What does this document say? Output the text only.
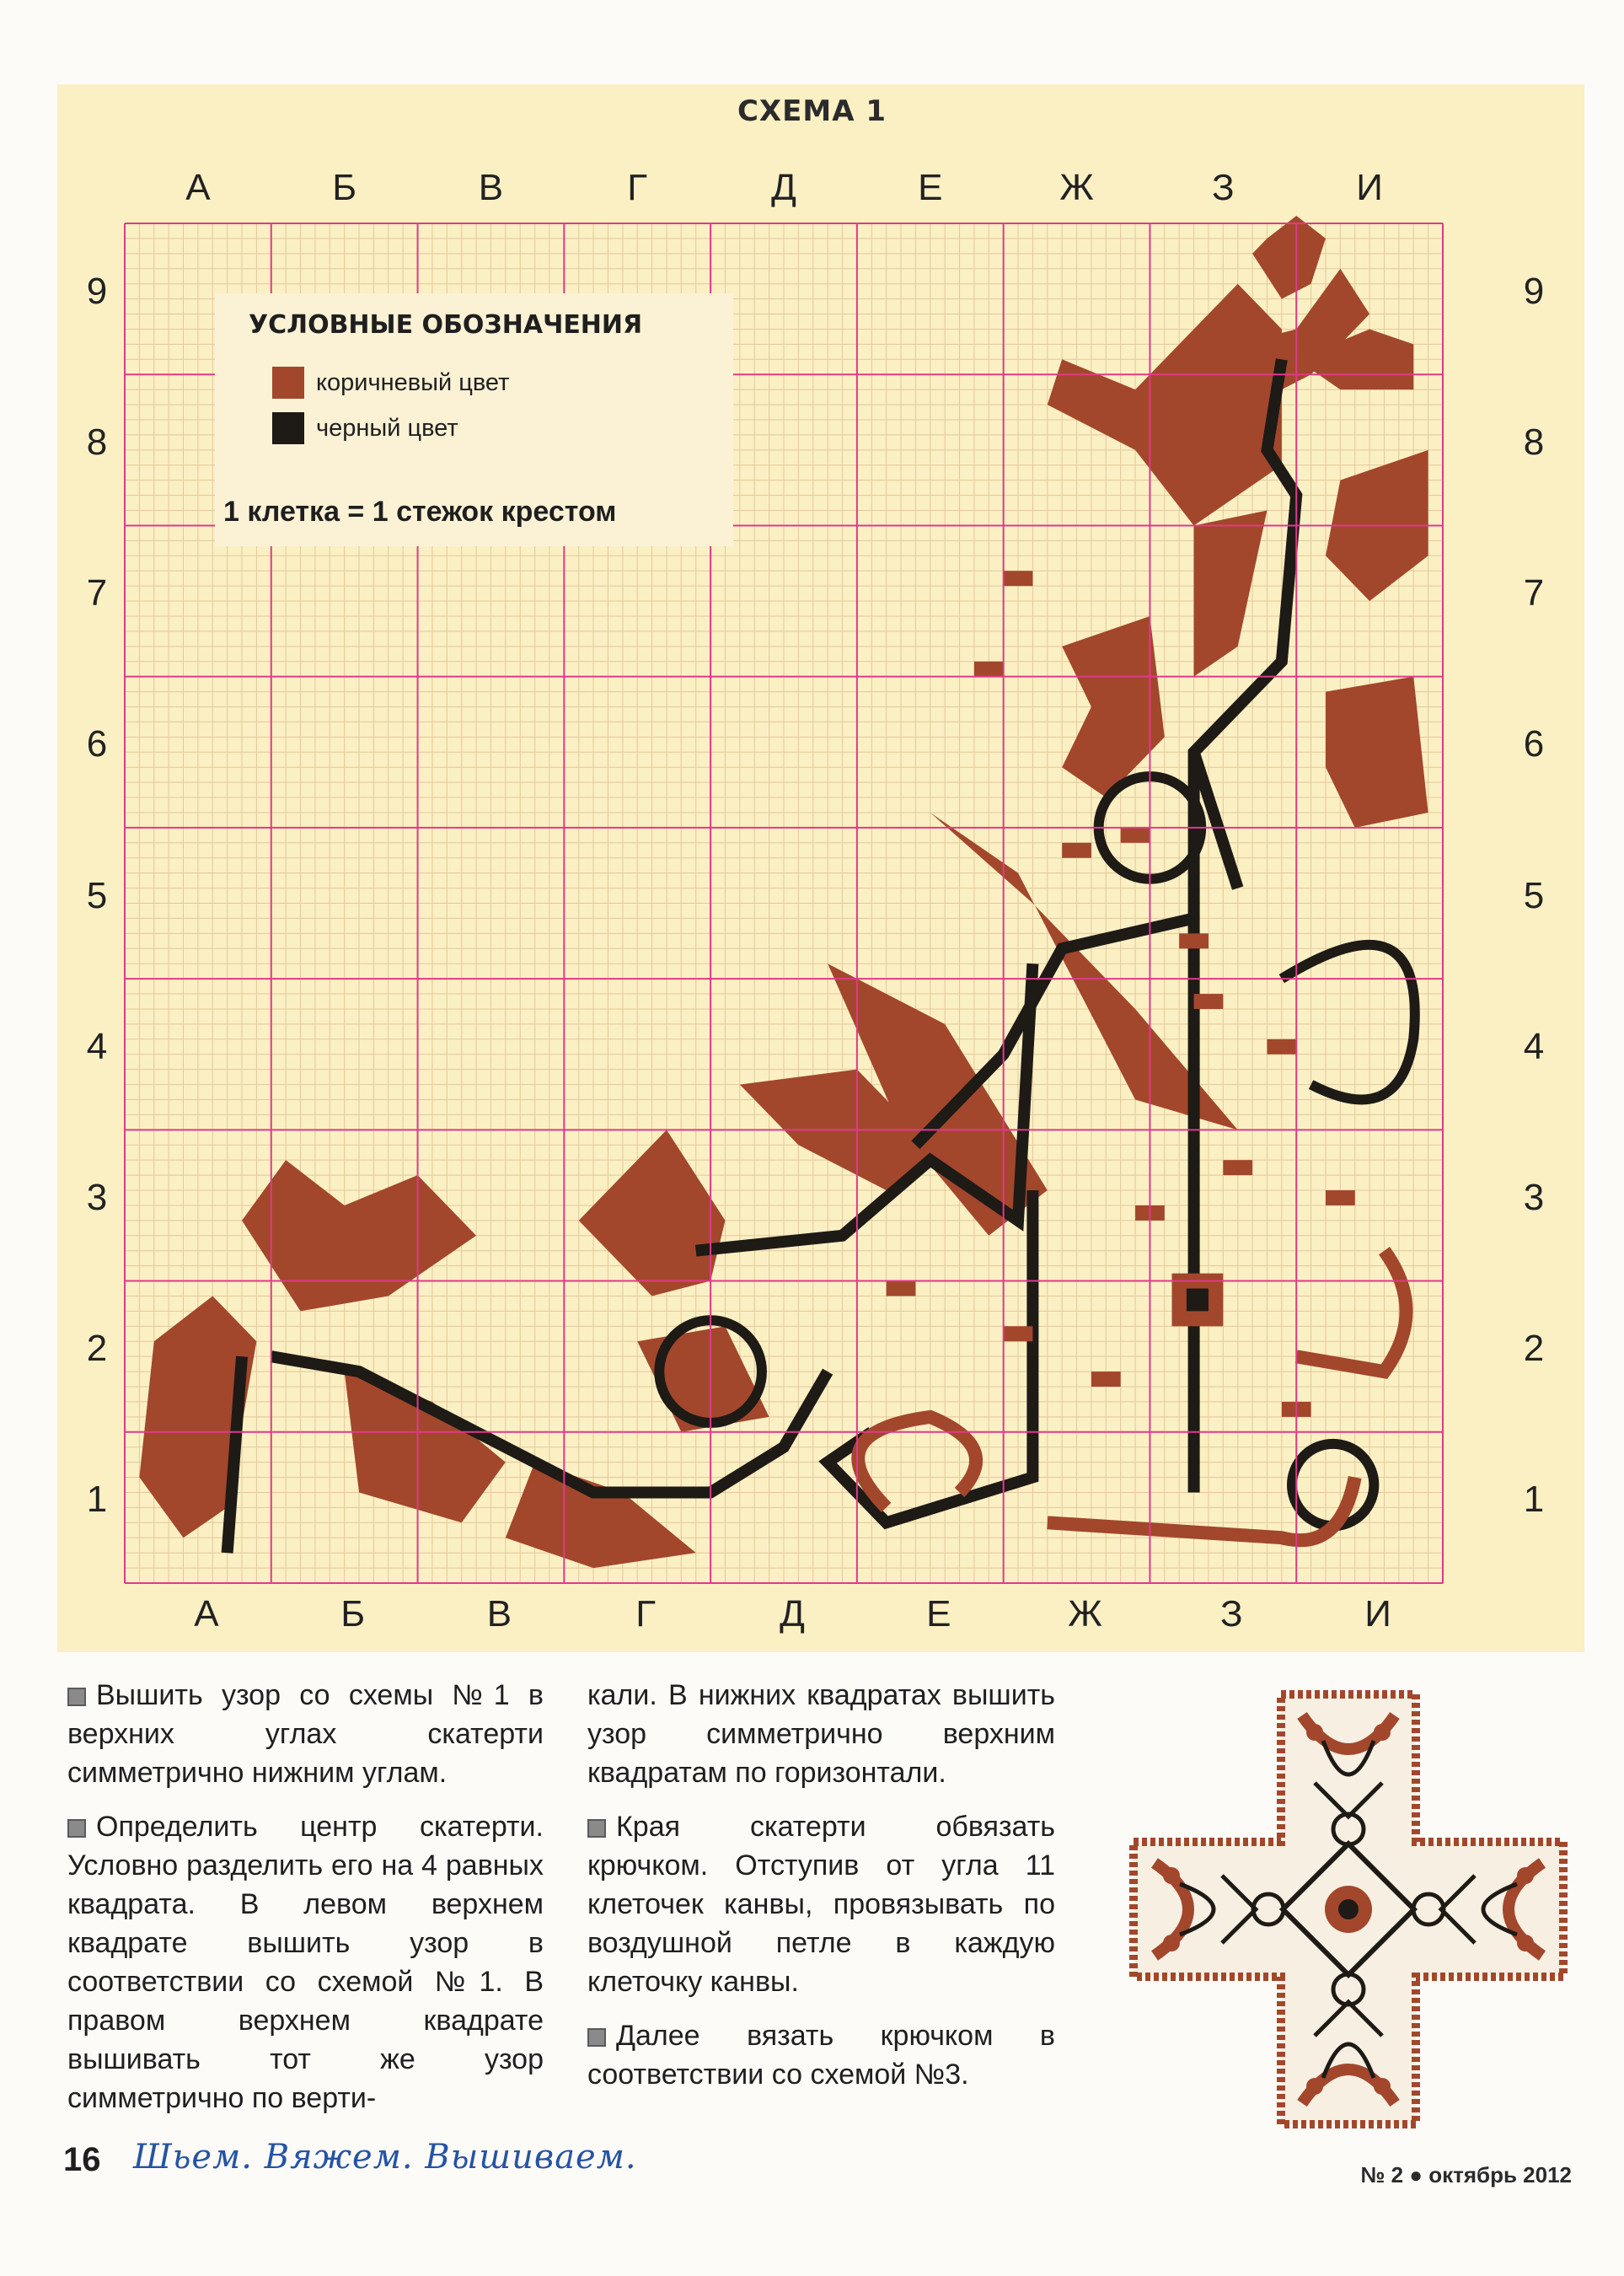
СХЕМА 1
А
А
Б
Б
В
В
Г
Г
Д
Д
Е
Е
Ж
Ж
З
З
И
И
9	9
8	8
7	7
6	6
5	5
4	4
3	3
2	2
1	1
УСЛОВНЫЕ ОБОЗНАЧЕНИЯ
коричневый цвет
черный цвет
1 клетка = 1 стежок крестом

Вышить узор со схемы №1 в верхних углах скатерти симметрично нижним углам.

Определить центр скатерти. Условно разделить его на 4 равных квадрата. В левом верхнем квадрате вышить узор в соответствии со схемой №1. В правом верхнем квадрате вышивать тот же узор симметрично по верти-

кали. В нижних квадратах вышить узор симметрично верхним квадратам по горизонтали.

Края скатерти обвязать крючком. Отступив от угла 11 клеточек канвы, провязывать по воздушной петле в каждую клеточку канвы.

Далее вязать крючком в соответствии со схемой №3.

16 Шьем. Вяжем. Вышиваем.	№ 2 ● октябрь 2012
